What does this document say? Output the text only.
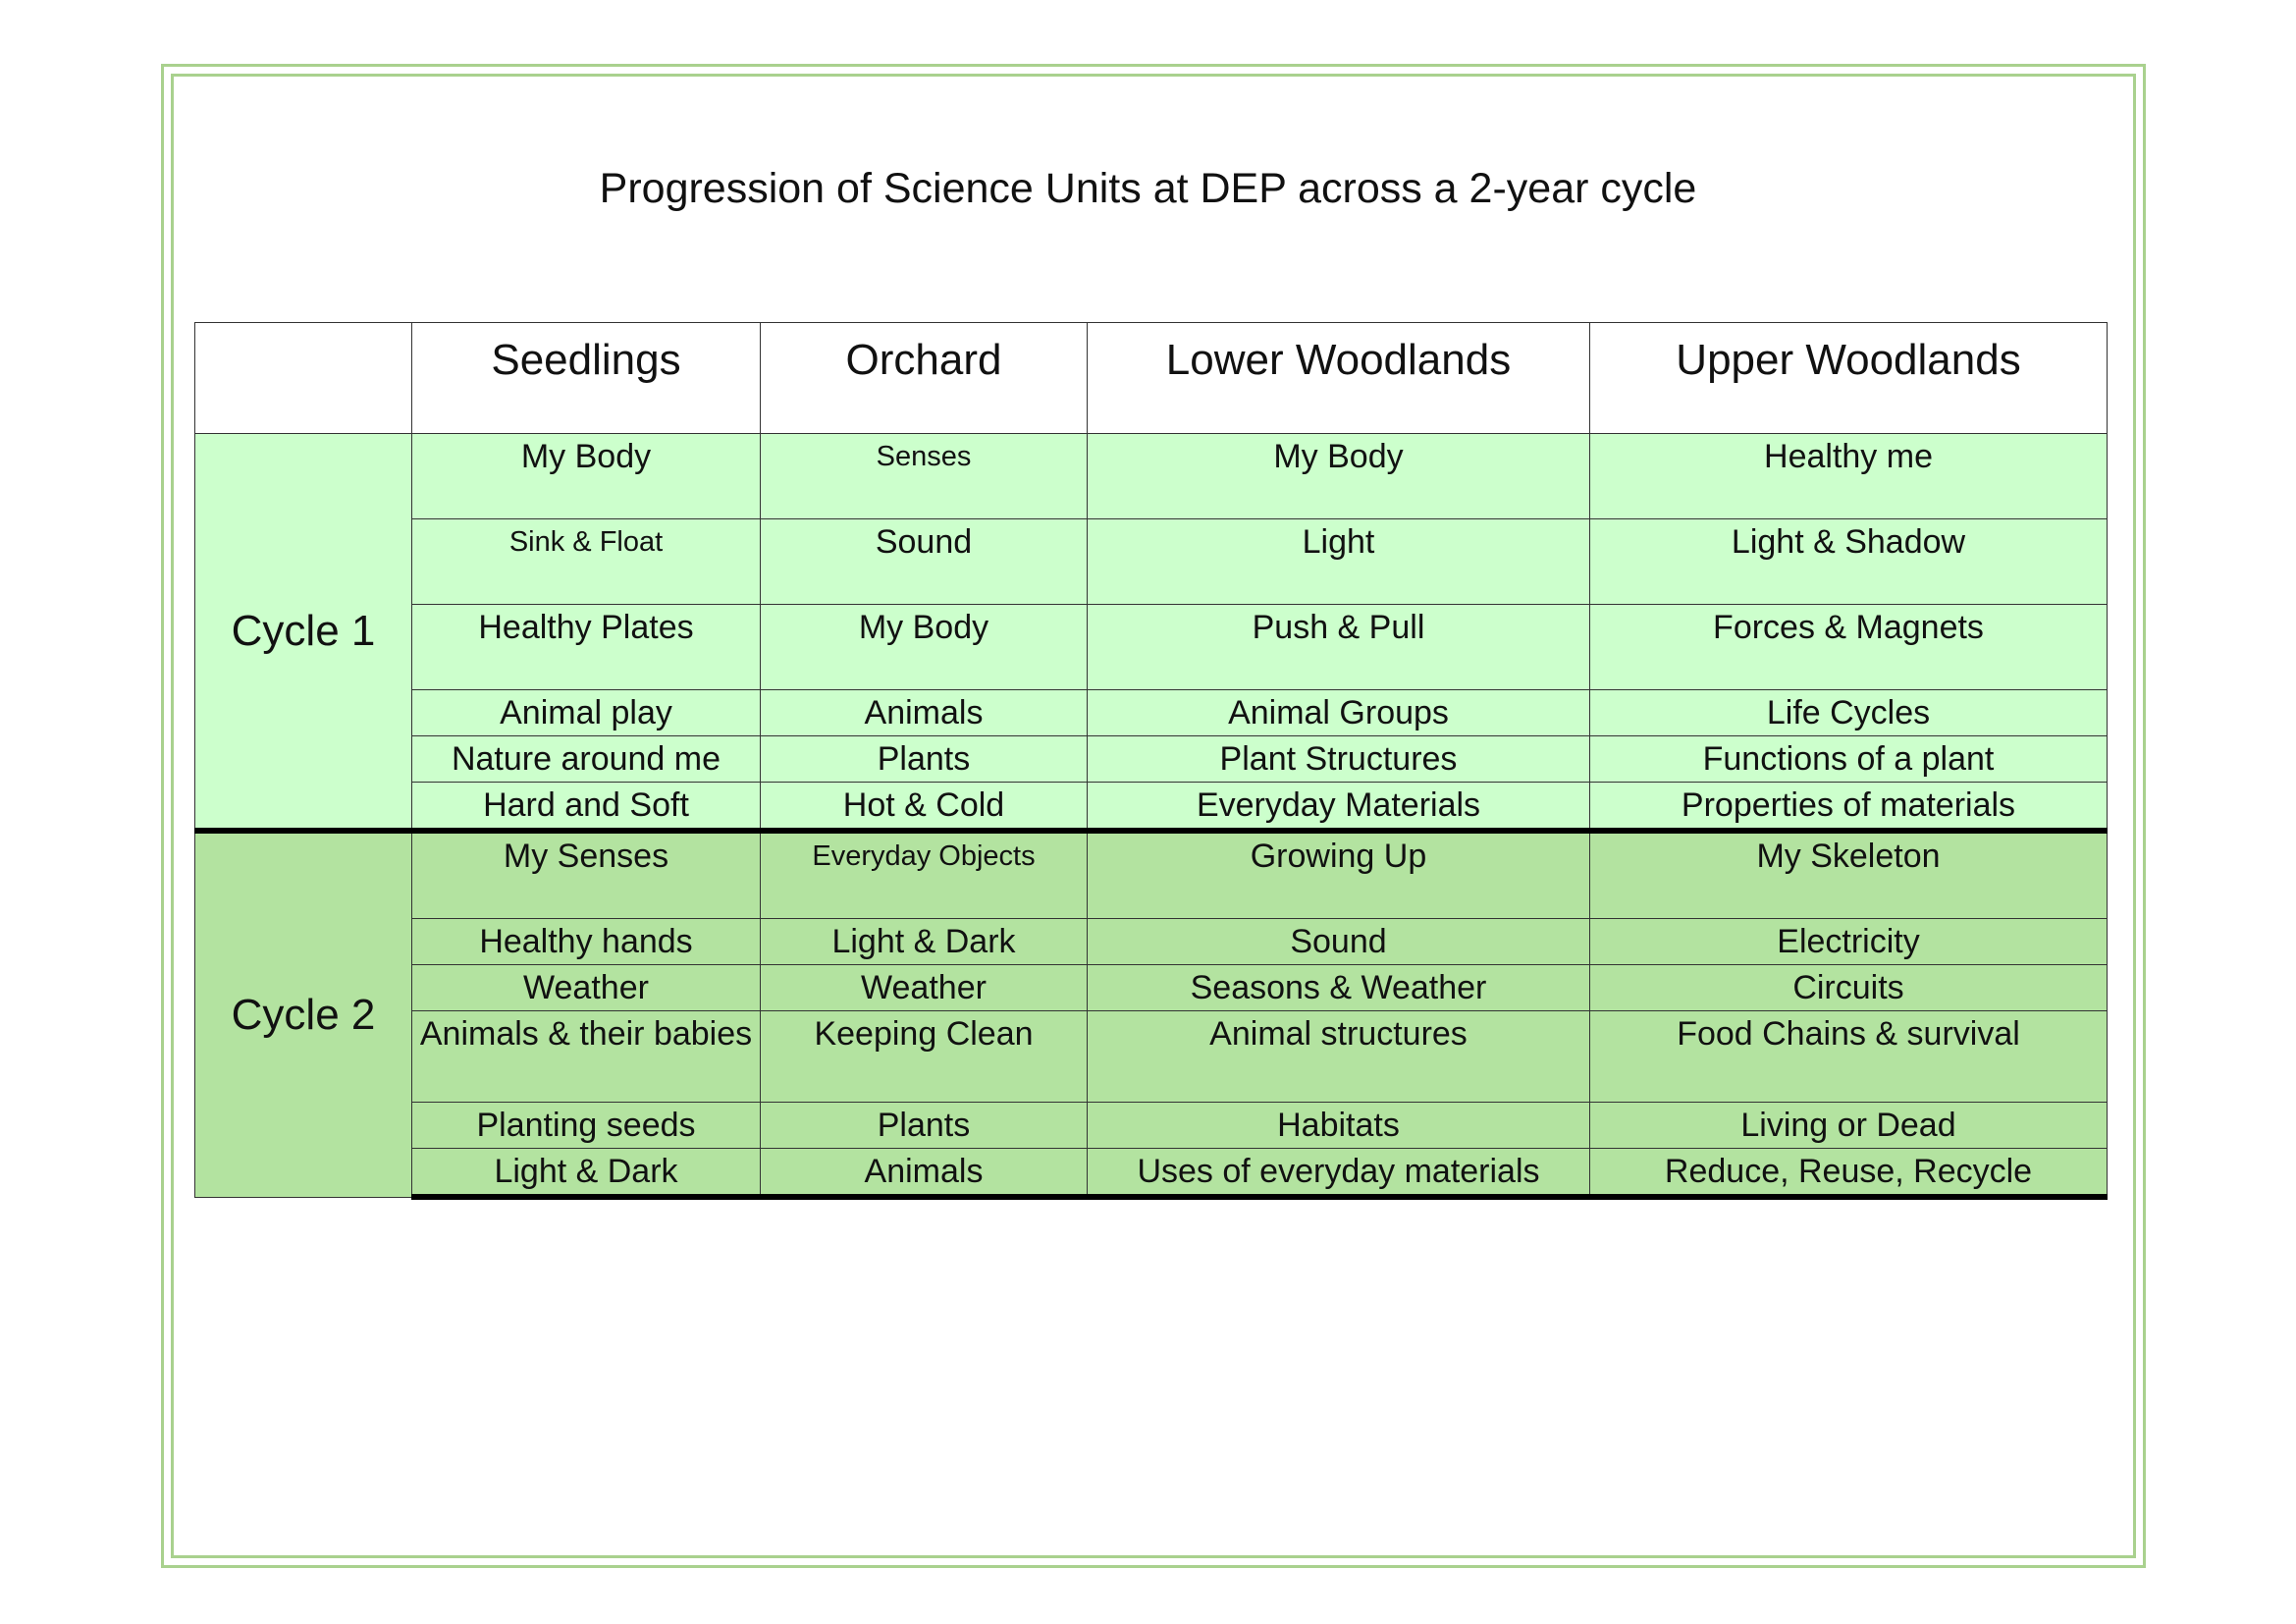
Progression of Science Units at DEP across a 2-year cycle
	Seedlings	Orchard	Lower Woodlands	Upper Woodlands
Cycle 1	My Body	Senses	My Body	Healthy me
	Sink & Float	Sound	Light	Light & Shadow
	Healthy Plates	My Body	Push & Pull	Forces & Magnets
	Animal play	Animals	Animal Groups	Life Cycles
	Nature around me	Plants	Plant Structures	Functions of a plant
	Hard and Soft	Hot & Cold	Everyday Materials	Properties of materials
Cycle 2	My Senses	Everyday Objects	Growing Up	My Skeleton
	Healthy hands	Light & Dark	Sound	Electricity
	Weather	Weather	Seasons & Weather	Circuits
	Animals & their babies	Keeping Clean	Animal structures	Food Chains & survival
	Planting seeds	Plants	Habitats	Living or Dead
	Light & Dark	Animals	Uses of everyday materials	Reduce, Reuse, Recycle
